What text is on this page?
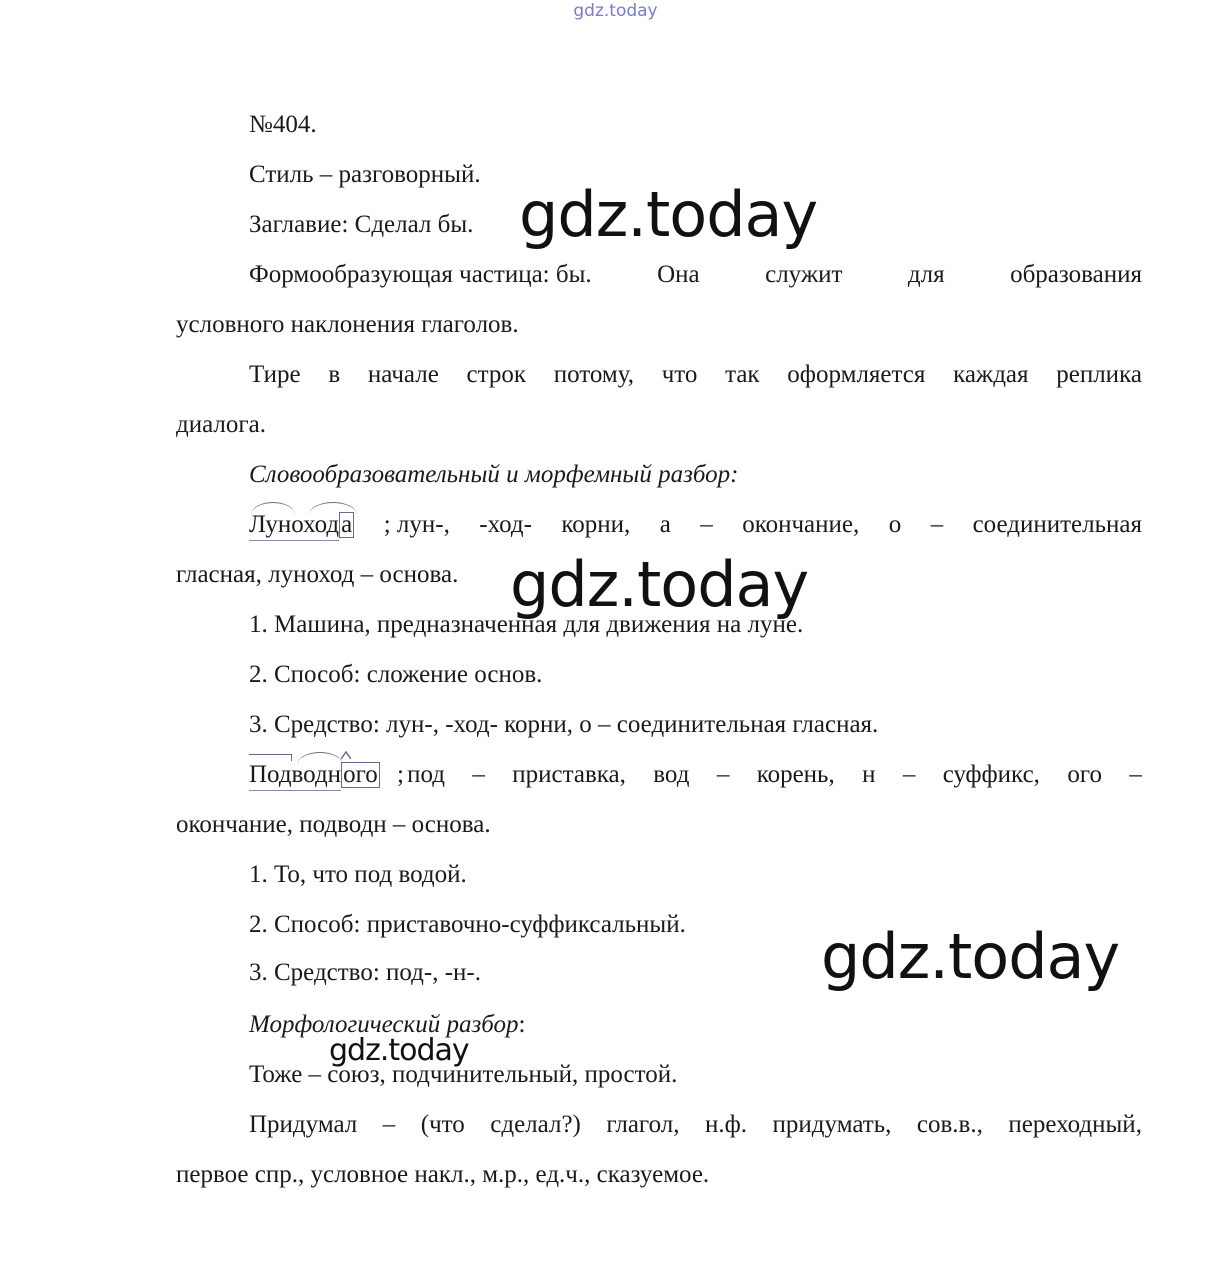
gdz.today

№404.
Стиль – разговорный.
Заглавие: Сделал бы.
Формообразующая частица: бы.	Она	служит	для	образования
условного наклонения глаголов.
Тире в начале строк потому, что так оформляется каждая реплика
диалога.
Словообразовательный и морфемный разбор:
Лунохода ; лун-, -ход- корни, а – окончание, о – соединительная
гласная, луноход – основа.
1. Машина, предназначенная для движения на луне.
2. Способ: сложение основ.
3. Средство: лун-, -ход- корни, о – соединительная гласная.
Подводного под – приставка, вод – корень, н – суффикс, ого –
;
окончание, подводн – основа.
1. То, что под водой.
2. Способ: приставочно-суффиксальный.
3. Средство: под-, -н-.
Морфологический разбор:
Тоже – союз, подчинительный, простой.
Придумал – (что сделал?) глагол, н.ф. придумать, сов.в., переходный,
первое спр., условное накл., м.р., ед.ч., сказуемое.
gdz.today
gdz.today
gdz.today
gdz.today
